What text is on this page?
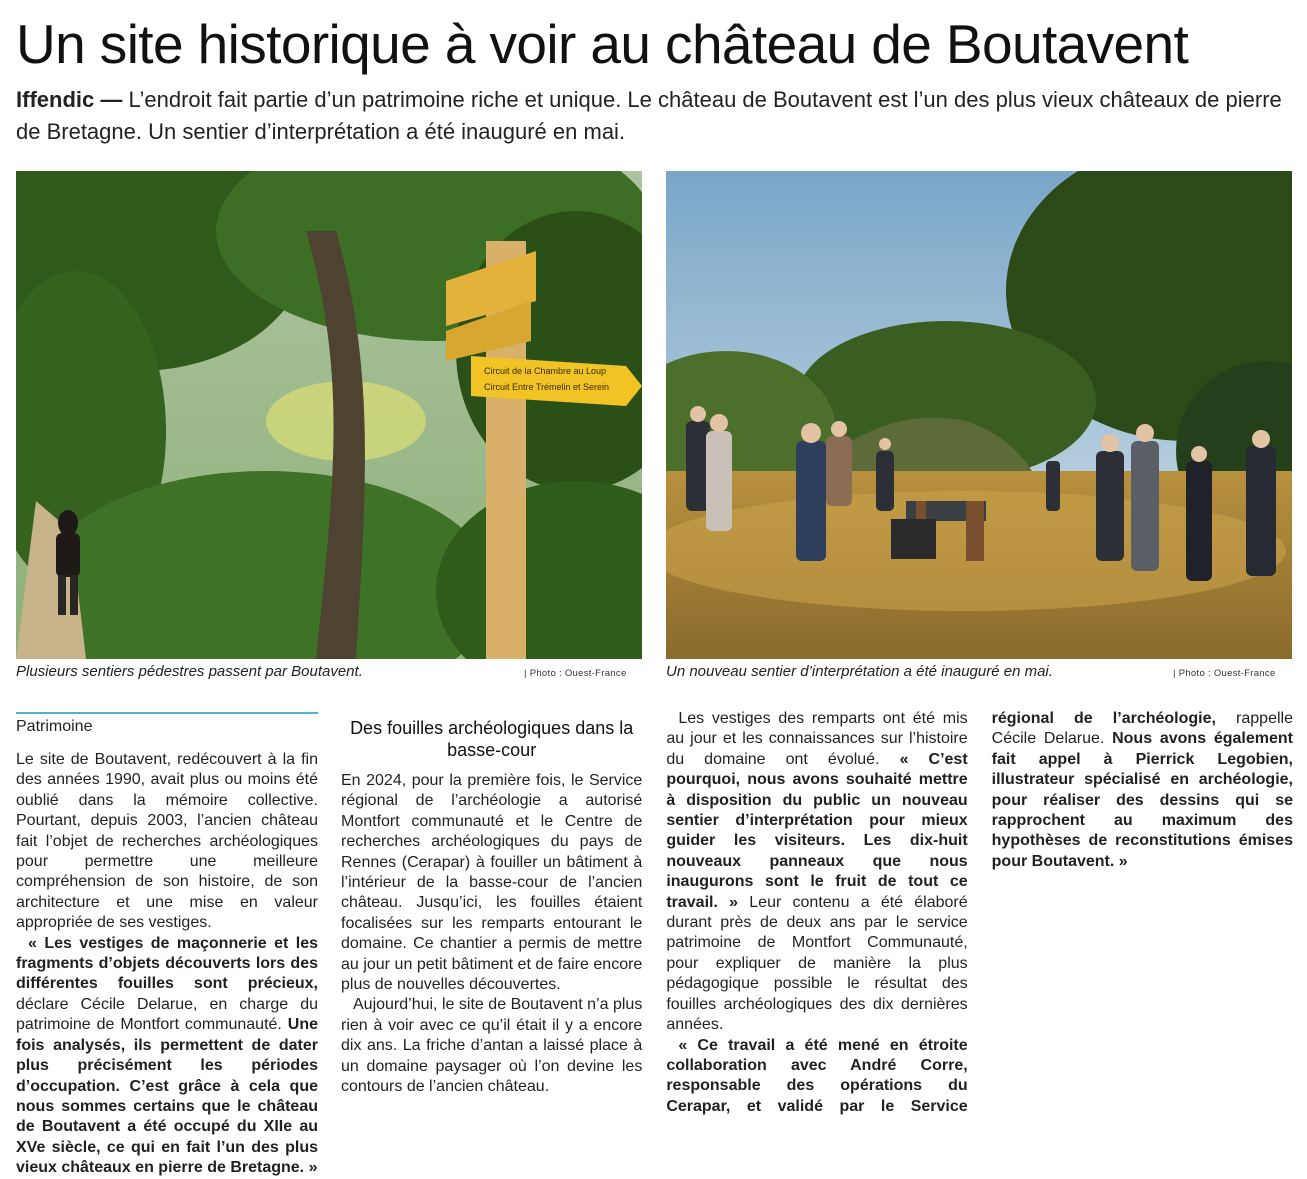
Un site historique à voir au château de Boutavent

Iffendic — L’endroit fait partie d’un patrimoine riche et unique. Le château de Boutavent est l’un des plus vieux châteaux de pierre de Bretagne. Un sentier d’interprétation a été inauguré en mai.

Circuit de la Chambre au Loup
Circuit Entre Trémelin et Serein
Plusieurs sentiers pédestres passent par Boutavent.	| Photo : Ouest-France	Un nouveau sentier d’interprétation a été inauguré en mai.	| Photo : Ouest-France
Patrimoine

Le site de Boutavent, redécouvert à la fin des années 1990, avait plus ou moins été oublié dans la mémoire collective. Pourtant, depuis 2003, l’ancien château fait l’objet de recherches archéologiques pour permettre une meilleure compréhension de son histoire, de son architecture et une mise en valeur appropriée de ses vestiges.

« Les vestiges de maçonnerie et les fragments d’objets découverts lors des différentes fouilles sont précieux, déclare Cécile Delarue, en charge du patrimoine de Montfort communauté. Une fois analysés, ils permettent de dater plus précisément les périodes d’occupation. C’est grâce à cela que nous sommes certains que le château de Boutavent a été occupé du XIIe au XVe siècle, ce qui en fait l’un des plus vieux châteaux en pierre de Bretagne. »

Des fouilles archéologiques dans la basse-cour

En 2024, pour la première fois, le Service régional de l’archéologie a autorisé Montfort communauté et le Centre de recherches archéologiques du pays de Rennes (Cerapar) à fouiller un bâtiment à l’intérieur de la basse-cour de l’ancien château. Jusqu’ici, les fouilles étaient focalisées sur les remparts entourant le domaine. Ce chantier a permis de mettre au jour un petit bâtiment et de faire encore plus de nouvelles découvertes.

Aujourd’hui, le site de Boutavent n’a plus rien à voir avec ce qu’il était il y a encore dix ans. La friche d’antan a laissé place à un domaine paysager où l’on devine les contours de l’ancien château.

Les vestiges des remparts ont été mis au jour et les connaissances sur l’histoire du domaine ont évolué. « C’est pourquoi, nous avons souhaité mettre à disposition du public un nouveau sentier d’interprétation pour mieux guider les visiteurs. Les dix-huit nouveaux panneaux que nous inaugurons sont le fruit de tout ce travail. » Leur contenu a été élaboré durant près de deux ans par le service patrimoine de Montfort Communauté, pour expliquer de manière la plus pédagogique possible le résultat des fouilles archéologiques des dix dernières années.

« Ce travail a été mené en étroite collaboration avec André Corre, responsable des opérations du Cerapar, et validé par le Service régional de l’archéologie, rappelle Cécile Delarue. Nous avons également fait appel à Pierrick Legobien, illustrateur spécialisé en archéologie, pour réaliser des dessins qui se rapprochent au maximum des hypothèses de reconstitutions émises pour Boutavent. »
